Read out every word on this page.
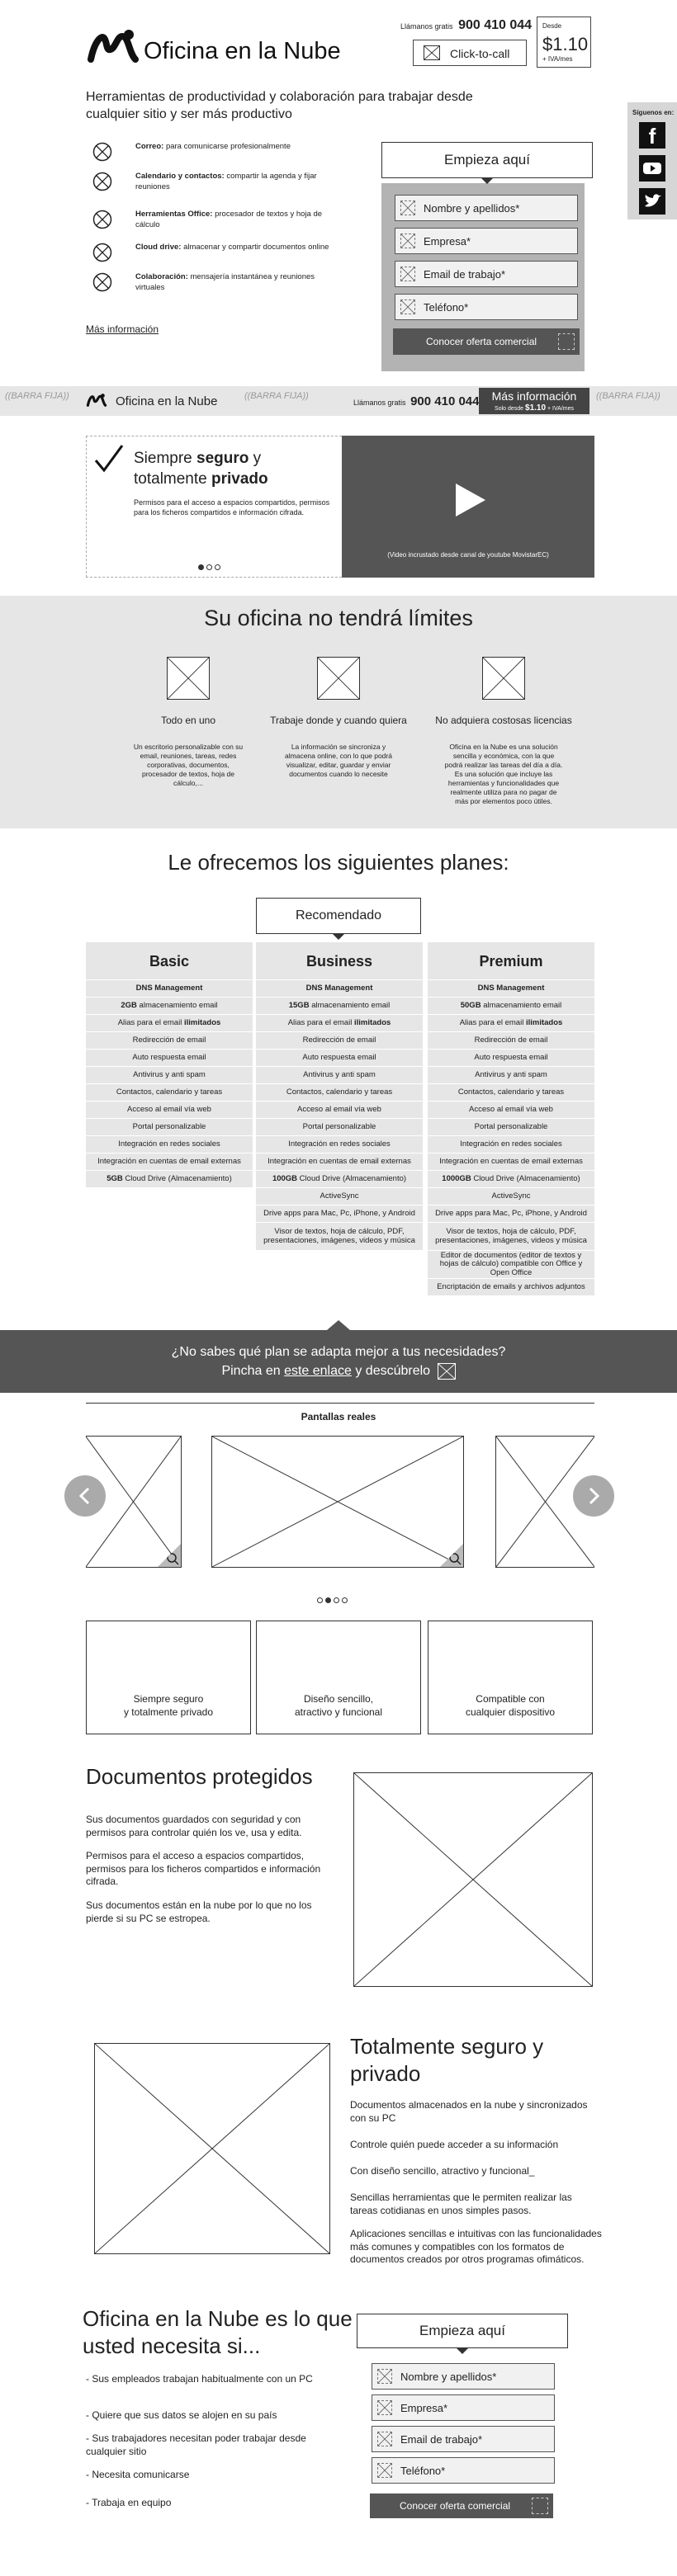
Oficina en la Nube
Llámanos gratis 900 410 044
Click-to-call
Desde
$1.10
+ IVA/mes
Síguenos en:
f
Herramientas de productividad y colaboración para trabajar desde cualquier sitio y ser más productivo
Correo: para comunicarse profesionalmente
Calendario y contactos: compartir la agenda y fijar reuniones
Herramientas Office: procesador de textos y hoja de cálculo
Cloud drive: almacenar y compartir documentos online
Colaboración: mensajería instantánea y reuniones virtuales
Más información
Empieza aquí
Nombre y apellidos*
Empresa*
Email de trabajo*
Teléfono*
Conocer oferta comercial
((BARRA FIJA))	Oficina en la Nube	((BARRA FIJA))
Llámanos gratis 900 410 044	Más información
Solo desde $1.10 + IVA/mes
((BARRA FIJA))
Siempre seguro y totalmente privado
Permisos para el acceso a espacios compartidos, permisos para los ficheros compartidos e información cifrada.
(Video incrustado desde canal de youtube MovistarEC)
Su oficina no tendrá límites
Todo en uno
Un escritorio personalizable con su email, reuniones, tareas, redes corporativas, documentos, procesador de textos, hoja de cálculo,...
Trabaje donde y cuando quiera
La información se sincroniza y almacena online, con lo que podrá visualizar, editar, guardar y enviar documentos cuando lo necesite
No adquiera costosas licencias
Oficina en la Nube es una solución sencilla y económica, con la que podrá realizar las tareas del día a día. Es una solución que incluye las herramientas y funcionalidades que realmente utiliza para no pagar de más por elementos poco útiles.
Le ofrecemos los siguientes planes:
Recomendado
Basic
DNS Management
2GB almacenamiento email
Alias para el email ilimitados
Redirección de email
Auto respuesta email
Antivirus y anti spam
Contactos, calendario y tareas
Acceso al email vía web
Portal personalizable
Integración en redes sociales
Integración en cuentas de email externas
5GB Cloud Drive (Almacenamiento)
Business
DNS Management
15GB almacenamiento email
Alias para el email ilimitados
Redirección de email
Auto respuesta email
Antivirus y anti spam
Contactos, calendario y tareas
Acceso al email vía web
Portal personalizable
Integración en redes sociales
Integración en cuentas de email externas
100GB Cloud Drive (Almacenamiento)
ActiveSync
Drive apps para Mac, Pc, iPhone, y Android
Visor de textos, hoja de cálculo, PDF, presentaciones, imágenes, videos y música
Premium
DNS Management
50GB almacenamiento email
Alias para el email ilimitados
Redirección de email
Auto respuesta email
Antivirus y anti spam
Contactos, calendario y tareas
Acceso al email vía web
Portal personalizable
Integración en redes sociales
Integración en cuentas de email externas
1000GB Cloud Drive (Almacenamiento)
ActiveSync
Drive apps para Mac, Pc, iPhone, y Android
Visor de textos, hoja de cálculo, PDF, presentaciones, imágenes, videos y música
Editor de documentos (editor de textos y hojas de cálculo) compatible con Office y Open Office
Encriptación de emails y archivos adjuntos
¿No sabes qué plan se adapta mejor a tus necesidades?
Pincha en este enlace y descúbrelo
Pantallas reales
Siempre seguro
y totalmente privado
Diseño sencillo,
atractivo y funcional
Compatible con
cualquier dispositivo
Documentos protegidos
Sus documentos guardados con seguridad y con permisos para controlar quién los ve, usa y edita.
Permisos para el acceso a espacios compartidos, permisos para los ficheros compartidos e información cifrada.
Sus documentos están en la nube por lo que no los pierde si su PC se estropea.
Totalmente seguro y privado
Documentos almacenados en la nube y sincronizados con su PC
Controle quién puede acceder a su información
Con diseño sencillo, atractivo y funcional_
Sencillas herramientas que le permiten realizar las tareas cotidianas en unos simples pasos.
Aplicaciones sencillas e intuitivas con las funcionalidades más comunes y compatibles con los formatos de documentos creados por otros programas ofimáticos.
Oficina en la Nube es lo que usted necesita si...
- Sus empleados trabajan habitualmente con un PC
- Quiere que sus datos se alojen en su país
- Sus trabajadores necesitan poder trabajar desde cualquier sitio
- Necesita comunicarse
- Trabaja en equipo
Empieza aquí
Nombre y apellidos*
Empresa*
Email de trabajo*
Teléfono*
Conocer oferta comercial
